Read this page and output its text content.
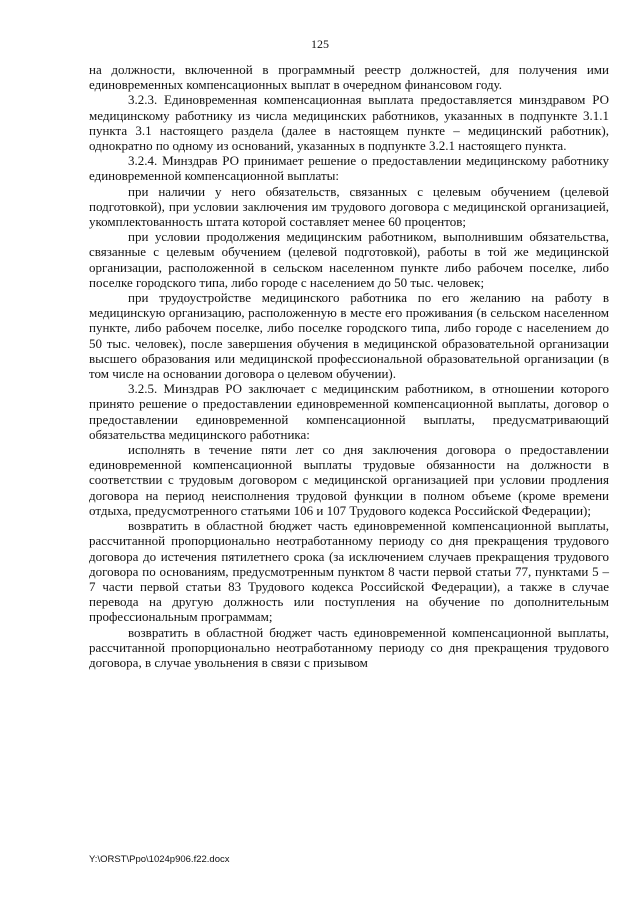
125

на должности, включенной в программный реестр должностей, для получения ими единовременных компенсационных выплат в очередном финансовом году.

3.2.3. Единовременная компенсационная выплата предоставляется минздравом РО медицинскому работнику из числа медицинских работников, указанных в подпункте 3.1.1 пункта 3.1 настоящего раздела (далее в настоящем пункте – медицинский работник), однократно по одному из оснований, указанных в подпункте 3.2.1 настоящего пункта.

3.2.4. Минздрав РО принимает решение о предоставлении медицинскому работнику единовременной компенсационной выплаты:

при наличии у него обязательств, связанных с целевым обучением (целевой подготовкой), при условии заключения им трудового договора с медицинской организацией, укомплектованность штата которой составляет менее 60 процентов;

при условии продолжения медицинским работником, выполнившим обязательства, связанные с целевым обучением (целевой подготовкой), работы в той же медицинской организации, расположенной в сельском населенном пункте либо рабочем поселке, либо поселке городского типа, либо городе с населением до 50 тыс. человек;

при трудоустройстве медицинского работника по его желанию на работу в медицинскую организацию, расположенную в месте его проживания (в сельском населенном пункте, либо рабочем поселке, либо поселке городского типа, либо городе с населением до 50 тыс. человек), после завершения обучения в медицинской образовательной организации высшего образования или медицинской профессиональной образовательной организации (в том числе на основании договора о целевом обучении).

3.2.5. Минздрав РО заключает с медицинским работником, в отношении которого принято решение о предоставлении единовременной компенсационной выплаты, договор о предоставлении единовременной компенсационной выплаты, предусматривающий обязательства медицинского работника:

исполнять в течение пяти лет со дня заключения договора о предоставлении единовременной компенсационной выплаты трудовые обязанности на должности в соответствии с трудовым договором с медицинской организацией при условии продления договора на период неисполнения трудовой функции в полном объеме (кроме времени отдыха, предусмотренного статьями 106 и 107 Трудового кодекса Российской Федерации);

возвратить в областной бюджет часть единовременной компенсационной выплаты, рассчитанной пропорционально неотработанному периоду со дня прекращения трудового договора до истечения пятилетнего срока (за исключением случаев прекращения трудового договора по основаниям, предусмотренным пунктом 8 части первой статьи 77, пунктами 5 – 7 части первой статьи 83 Трудового кодекса Российской Федерации), а также в случае перевода на другую должность или поступления на обучение по дополнительным профессиональным программам;

возвратить в областной бюджет часть единовременной компенсационной выплаты, рассчитанной пропорционально неотработанному периоду со дня прекращения трудового договора, в случае увольнения в связи с призывом

Y:\ORST\Ppo\1024p906.f22.docx
